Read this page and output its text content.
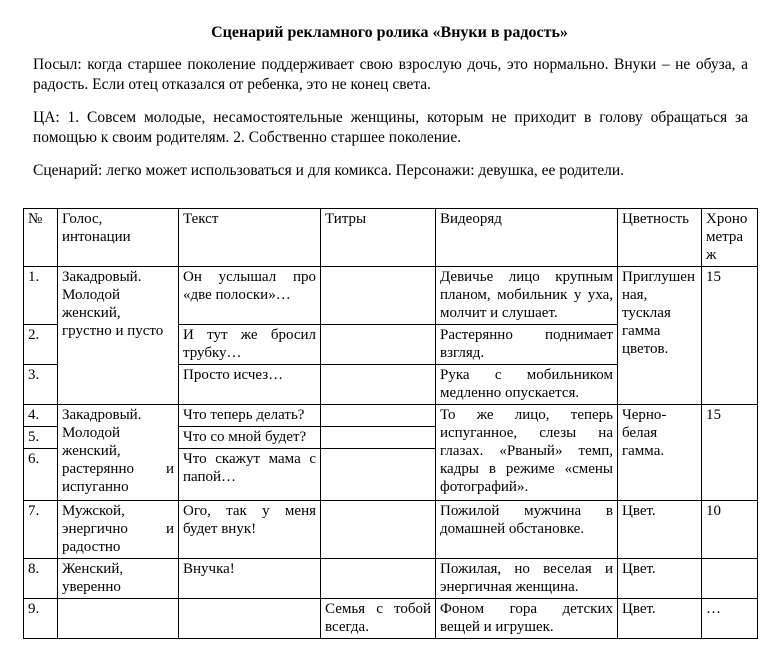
Сценарий рекламного ролика «Внуки в радость»

Посыл: когда старшее поколение поддерживает свою взрослую дочь, это нормально. Внуки – не обуза, а радость. Если отец отказался от ребенка, это не конец света.

ЦА: 1. Совсем молодые, несамостоятельные женщины, которым не приходит в голову обращаться за помощью к своим родителям. 2. Собственно старшее поколение.

Сценарий: легко может использоваться и для комикса. Персонажи: девушка, ее родители.

№	Голос, интонации	Текст	Титры	Видеоряд	Цветность	Хронометраж
1.	Закадровый. Молодой женский, грустно и пусто	Он услышал про «две полоски»…		Девичье лицо крупным планом, мобильник у уха, молчит и слушает.	Приглушенная, тусклая гамма цветов.	15
2.		И тут же бросил трубку…		Растерянно поднимает взгляд.		
3.		Просто исчез…		Рука с мобильником медленно опускается.		
4.	Закадровый. Молодой женский, растерянно и испуганно	Что теперь делать?		То же лицо, теперь испуганное, слезы на глазах. «Рваный» темп, кадры в режиме «смены фотографий».	Черно-белая гамма.	15
5.		Что со мной будет?				
6.		Что скажут мама с папой…				
7.	Мужской, энергично и радостно	Ого, так у меня будет внук!		Пожилой мужчина в домашней обстановке.	Цвет.	10
8.	Женский, уверенно	Внучка!		Пожилая, но веселая и энергичная женщина.	Цвет.	
9.			Семья с тобой всегда.	Фоном гора детских вещей и игрушек.	Цвет.	…
